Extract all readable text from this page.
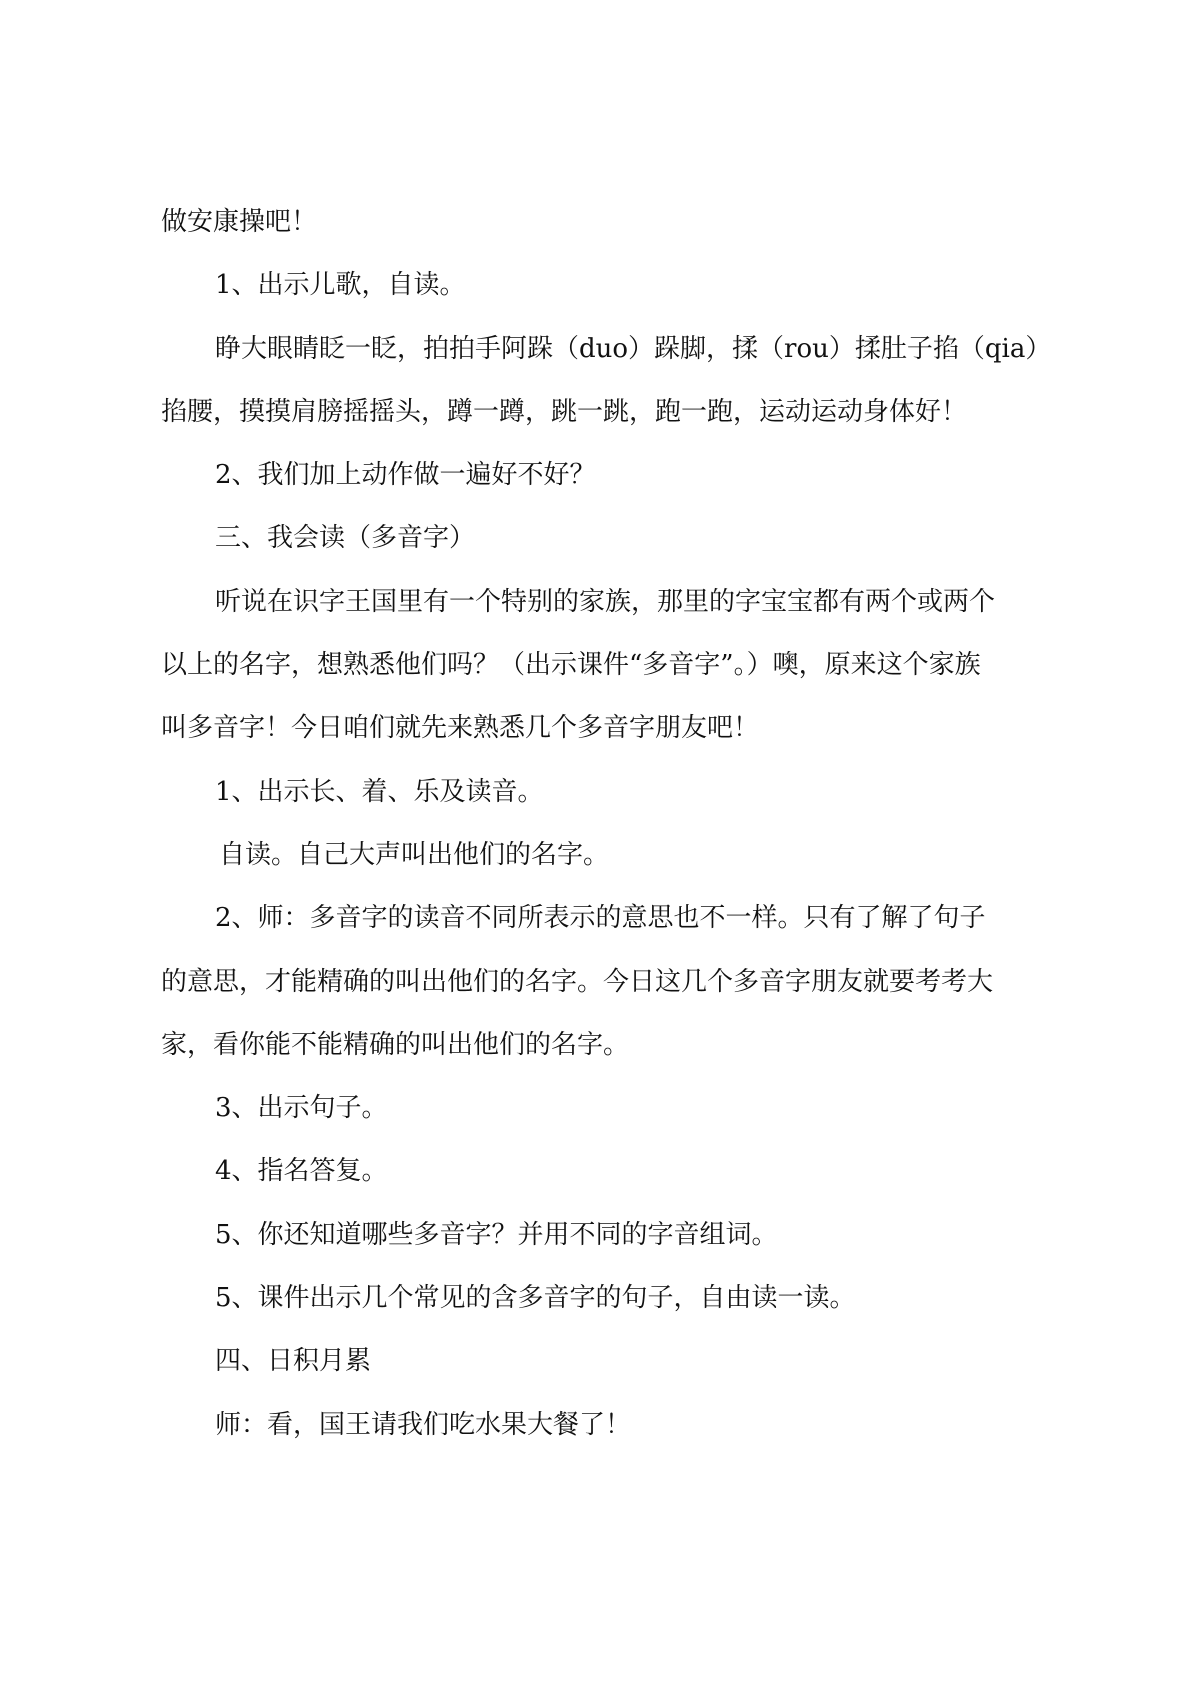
做安康操吧！
1、出示儿歌，自读。
睁大眼睛眨一眨，拍拍手阿跺（duo）跺脚，揉（rou）揉肚子掐（qia）
掐腰，摸摸肩膀摇摇头，蹲一蹲，跳一跳，跑一跑，运动运动身体好！
2、我们加上动作做一遍好不好？
三、我会读（多音字）
听说在识字王国里有一个特别的家族，那里的字宝宝都有两个或两个
以上的名字，想熟悉他们吗？（出示课件“多音字”。）噢，原来这个家族
叫多音字！今日咱们就先来熟悉几个多音字朋友吧！
1、出示长、着、乐及读音。
自读。自己大声叫出他们的名字。
2、师：多音字的读音不同所表示的意思也不一样。只有了解了句子
的意思，才能精确的叫出他们的名字。今日这几个多音字朋友就要考考大
家，看你能不能精确的叫出他们的名字。
3、出示句子。
4、指名答复。
5、你还知道哪些多音字？并用不同的字音组词。
5、课件出示几个常见的含多音字的句子，自由读一读。
四、日积月累
师：看，国王请我们吃水果大餐了！
